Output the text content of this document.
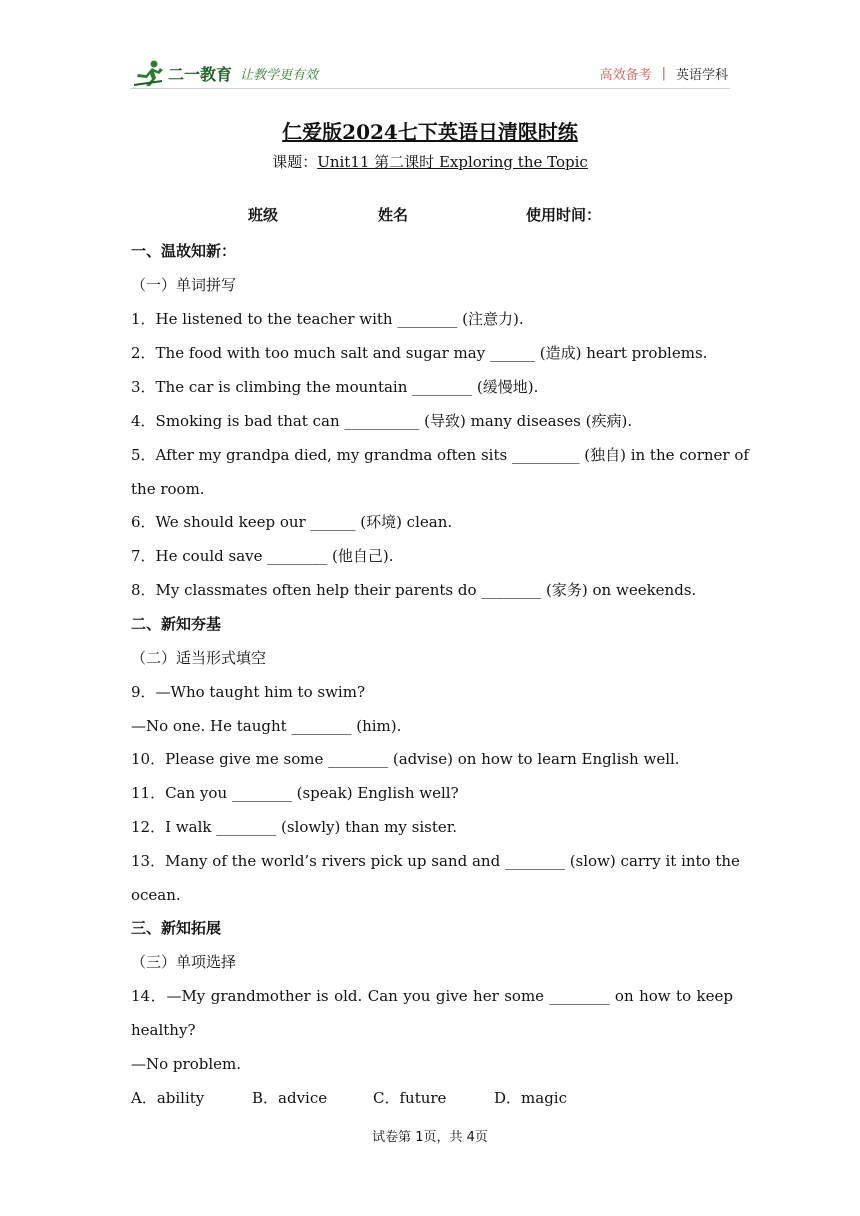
二一教育 让教学更有效	高效备考 | 英语学科
仁爱版2024七下英语日清限时练
课题：Unit11 第二课时 Exploring the Topic
班级	姓名	使用时间：
一、温故知新：
（一）单词拼写
1．He listened to the teacher with ________ (注意力).
2．The food with too much salt and sugar may ______ (造成) heart problems.
3．The car is climbing the mountain ________ (缓慢地).
4．Smoking is bad that can __________ (导致) many diseases (疾病).
5．After my grandpa died, my grandma often sits _________ (独自) in the corner of
the room.
6．We should keep our ______ (环境) clean.
7．He could save ________ (他自己).
8．My classmates often help their parents do ________ (家务) on weekends.
二、新知夯基
（二）适当形式填空
9．—Who taught him to swim?
—No one. He taught ________ (him).
10．Please give me some ________ (advise) on how to learn English well.
11．Can you ________ (speak) English well?
12．I walk ________ (slowly) than my sister.
13．Many of the world’s rivers pick up sand and ________ (slow) carry it into the
ocean.
三、新知拓展
（三）单项选择
14．—My grandmother is old. Can you give her some ________ on how to keep
healthy?
—No problem.
A．ability	B．advice	C．future	D．magic
试卷第 1页，共 4页
